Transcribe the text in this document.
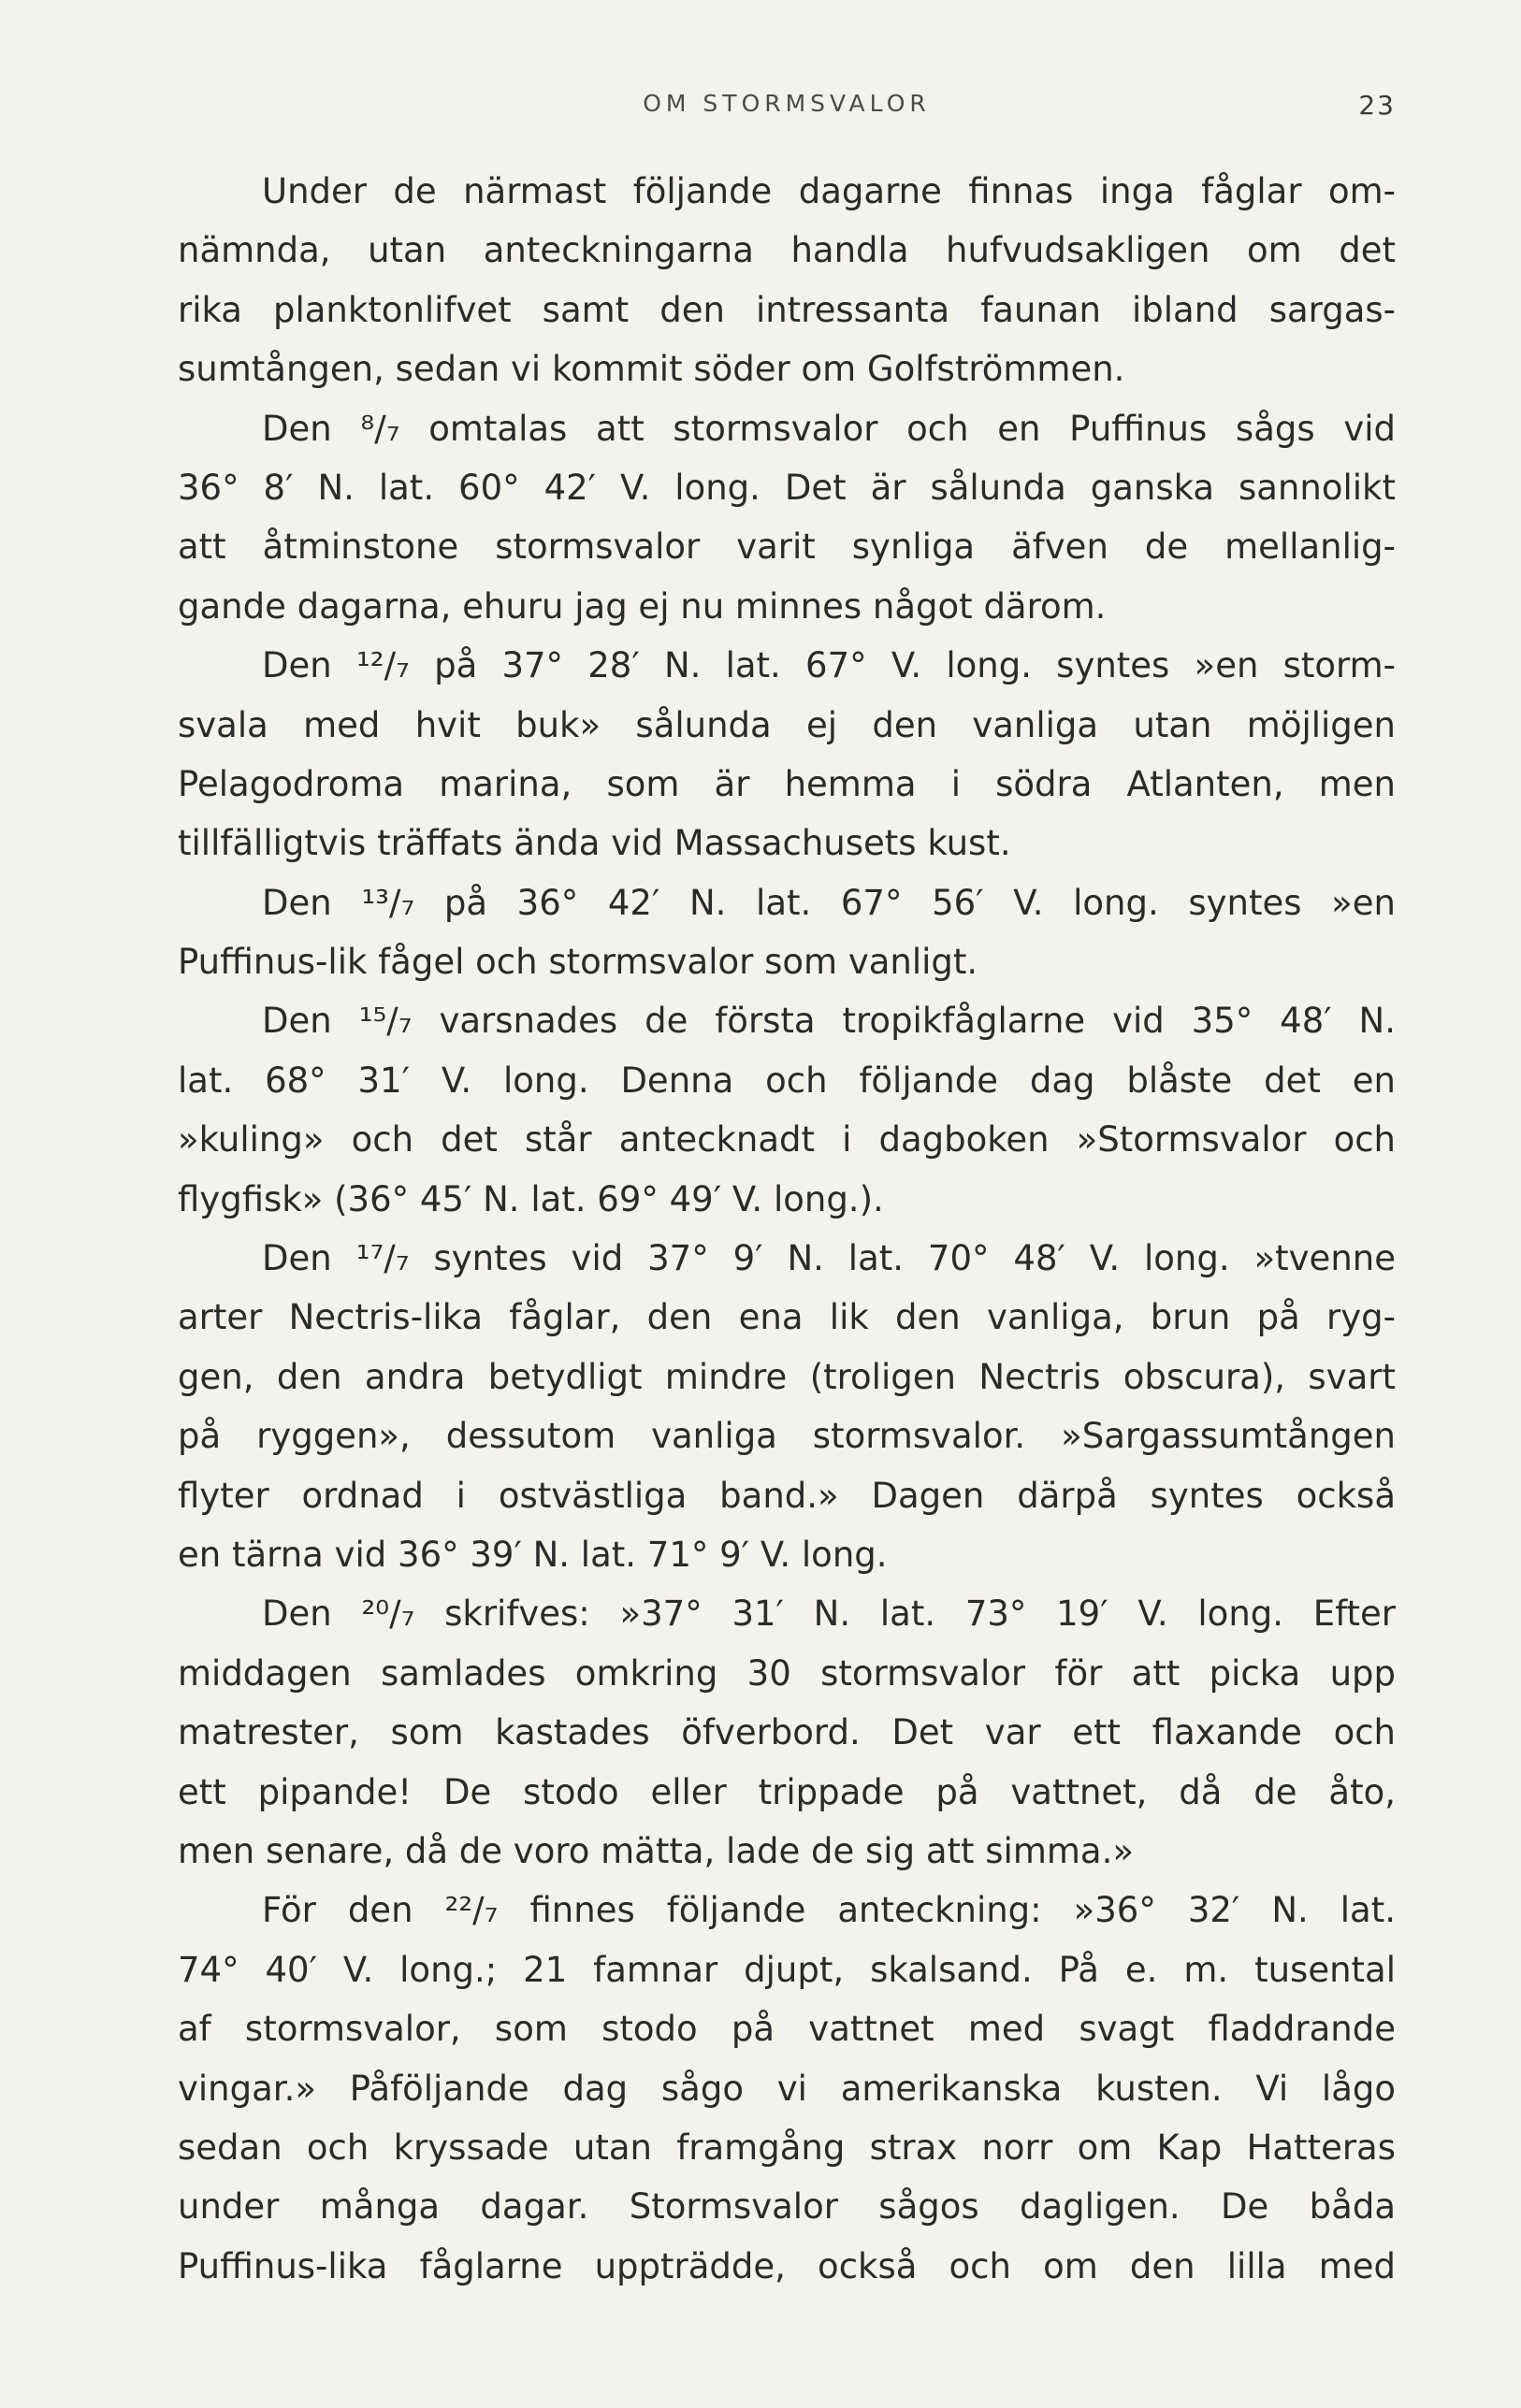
OM STORMSVALOR	23
Under de närmast följande dagarne finnas inga fåglar om-
nämnda, utan anteckningarna handla hufvudsakligen om det
rika planktonlifvet samt den intressanta faunan ibland sargas-
sumtången, sedan vi kommit söder om Golfströmmen.
Den ⁸/₇ omtalas att stormsvalor och en Puffinus sågs vid
36° 8′ N. lat. 60° 42′ V. long. Det är sålunda ganska sannolikt
att åtminstone stormsvalor varit synliga äfven de mellanlig-
gande dagarna, ehuru jag ej nu minnes något därom.
Den ¹²/₇ på 37° 28′ N. lat. 67° V. long. syntes »en storm-
svala med hvit buk» sålunda ej den vanliga utan möjligen
Pelagodroma marina, som är hemma i södra Atlanten, men
tillfälligtvis träffats ända vid Massachusets kust.
Den ¹³/₇ på 36° 42′ N. lat. 67° 56′ V. long. syntes »en
Puffinus-lik fågel och stormsvalor som vanligt.
Den ¹⁵/₇ varsnades de första tropikfåglarne vid 35° 48′ N.
lat. 68° 31′ V. long. Denna och följande dag blåste det en
»kuling» och det står antecknadt i dagboken »Stormsvalor och
flygfisk» (36° 45′ N. lat. 69° 49′ V. long.).
Den ¹⁷/₇ syntes vid 37° 9′ N. lat. 70° 48′ V. long. »tvenne
arter Nectris-lika fåglar, den ena lik den vanliga, brun på ryg-
gen, den andra betydligt mindre (troligen Nectris obscura), svart
på ryggen», dessutom vanliga stormsvalor. »Sargassumtången
flyter ordnad i ostvästliga band.» Dagen därpå syntes också
en tärna vid 36° 39′ N. lat. 71° 9′ V. long.
Den ²⁰/₇ skrifves: »37° 31′ N. lat. 73° 19′ V. long. Efter
middagen samlades omkring 30 stormsvalor för att picka upp
matrester, som kastades öfverbord. Det var ett flaxande och
ett pipande! De stodo eller trippade på vattnet, då de åto,
men senare, då de voro mätta, lade de sig att simma.»
För den ²²/₇ finnes följande anteckning: »36° 32′ N. lat.
74° 40′ V. long.; 21 famnar djupt, skalsand. På e. m. tusental
af stormsvalor, som stodo på vattnet med svagt fladdrande
vingar.» Påföljande dag sågo vi amerikanska kusten. Vi lågo
sedan och kryssade utan framgång strax norr om Kap Hatteras
under många dagar. Stormsvalor sågos dagligen. De båda
Puffinus-lika fåglarne uppträdde, också och om den lilla med
